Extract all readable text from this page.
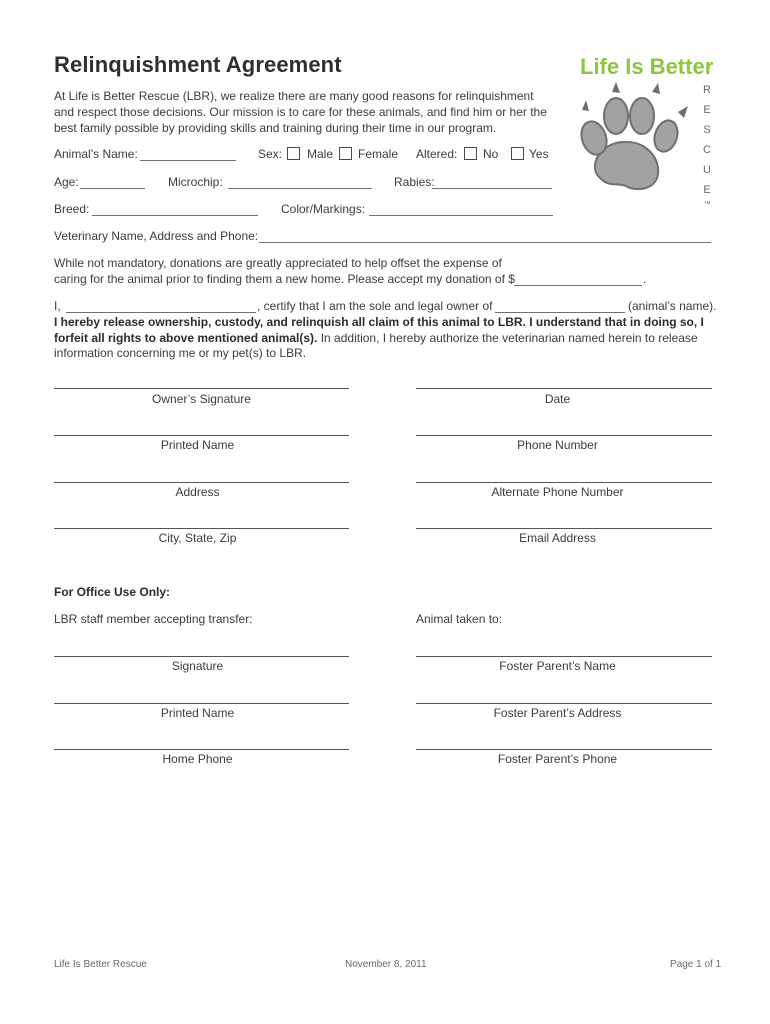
Relinquishment Agreement	Life Is Better
R
E
S
C
U
E
™
At Life is Better Rescue (LBR), we realize there are many good reasons for relinquishment and respect those decisions. Our mission is to care for these animals, and find him or her the best family possible by providing skills and training during their time in our program.
Animal’s Name:	Sex: Male Female Altered: No	Yes
Age:	Microchip:	Rabies:
Breed:	Color/Markings:
Veterinary Name, Address and Phone:
While not mandatory, donations are greatly appreciated to help offset the expense of
caring for the animal prior to finding them a new home. Please accept my donation of $	.
I,	, certify that I am the sole and legal owner of	(animal’s name).
I hereby release ownership, custody, and relinquish all claim of this animal to LBR. I understand that in doing so, I
forfeit all rights to above mentioned animal(s). In addition, I hereby authorize the veterinarian named herein to release
information concerning me or my pet(s) to LBR.
Owner’s Signature	Date
Printed Name	Phone Number
Address	Alternate Phone Number
City, State, Zip	Email Address
For Office Use Only:
LBR staff member accepting transfer:	Animal taken to:
Signature	Foster Parent’s Name
Printed Name	Foster Parent’s Address
Home Phone	Foster Parent’s Phone
Life Is Better Rescue	November 8, 2011	Page 1 of 1
